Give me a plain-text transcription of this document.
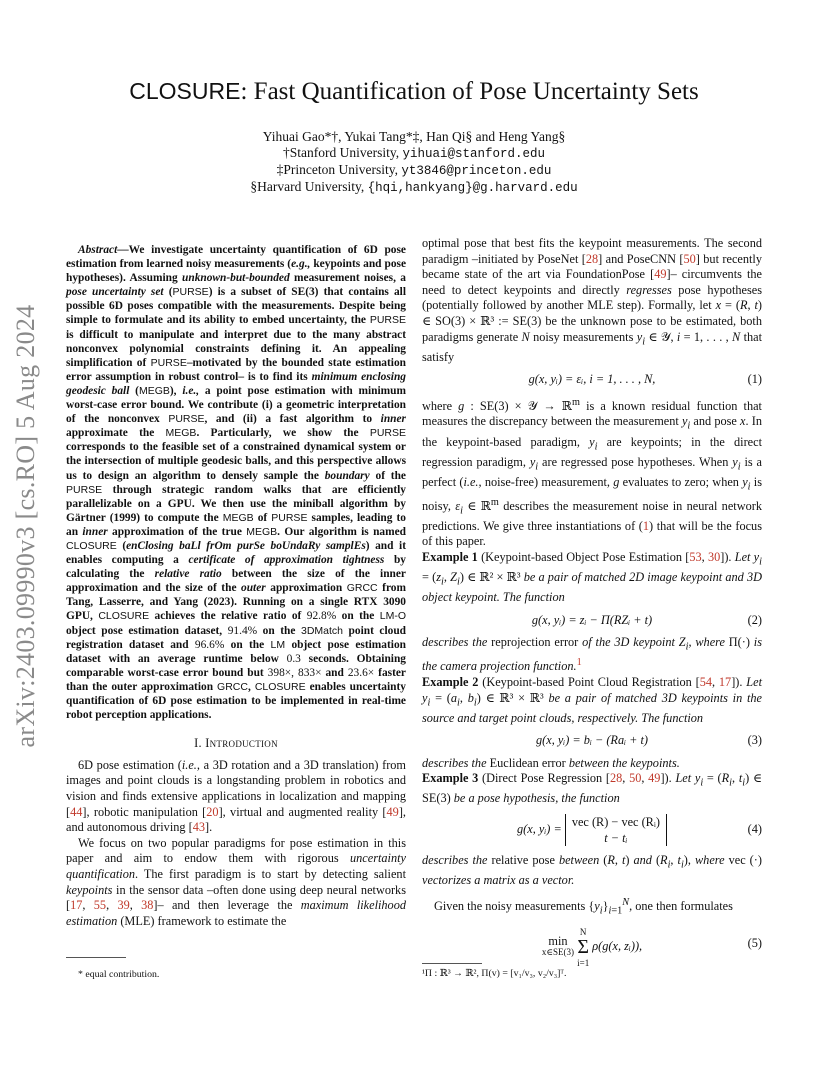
arXiv:2403.09990v3 [cs.RO] 5 Aug 2024
CLOSURE: Fast Quantification of Pose Uncertainty Sets
Yihuai Gao*†, Yukai Tang*‡, Han Qi§ and Heng Yang§
†Stanford University, yihuai@stanford.edu
‡Princeton University, yt3846@princeton.edu
§Harvard University, {hqi,hankyang}@g.harvard.edu

Abstract—We investigate uncertainty quantification of 6D pose estimation from learned noisy measurements (e.g., keypoints and pose hypotheses). Assuming unknown-but-bounded measurement noises, a pose uncertainty set (PURSE) is a subset of SE(3) that contains all possible 6D poses compatible with the measurements. Despite being simple to formulate and its ability to embed uncertainty, the PURSE is difficult to manipulate and interpret due to the many abstract nonconvex polynomial constraints defining it. An appealing simplification of PURSE–motivated by the bounded state estimation error assumption in robust control– is to find its minimum enclosing geodesic ball (MEGB), i.e., a point pose estimation with minimum worst-case error bound. We contribute (i) a geometric interpretation of the nonconvex PURSE, and (ii) a fast algorithm to inner approximate the MEGB. Particularly, we show the PURSE corresponds to the feasible set of a constrained dynamical system or the intersection of multiple geodesic balls, and this perspective allows us to design an algorithm to densely sample the boundary of the PURSE through strategic random walks that are efficiently parallelizable on a GPU. We then use the miniball algorithm by Gärtner (1999) to compute the MEGB of PURSE samples, leading to an inner approximation of the true MEGB. Our algorithm is named CLOSURE (enClosing baLl frOm purSe boUndaRy samplEs) and it enables computing a certificate of approximation tightness by calculating the relative ratio between the size of the inner approximation and the size of the outer approximation GRCC from Tang, Lasserre, and Yang (2023). Running on a single RTX 3090 GPU, CLOSURE achieves the relative ratio of 92.8% on the LM-O object pose estimation dataset, 91.4% on the 3DMatch point cloud registration dataset and 96.6% on the LM object pose estimation dataset with an average runtime below 0.3 seconds. Obtaining comparable worst-case error bound but 398×, 833× and 23.6× faster than the outer approximation GRCC, CLOSURE enables uncertainty quantification of 6D pose estimation to be implemented in real-time robot perception applications.

I. Introduction

6D pose estimation (i.e., a 3D rotation and a 3D translation) from images and point clouds is a longstanding problem in robotics and vision and finds extensive applications in localization and mapping [44], robotic manipulation [20], virtual and augmented reality [49], and autonomous driving [43].

We focus on two popular paradigms for pose estimation in this paper and aim to endow them with rigorous uncertainty quantification. The first paradigm is to start by detecting salient keypoints in the sensor data –often done using deep neural networks [17, 55, 39, 38]– and then leverage the maximum likelihood estimation (MLE) framework to estimate the

* equal contribution.

optimal pose that best fits the keypoint measurements. The second paradigm –initiated by PoseNet [28] and PoseCNN [50] but recently became state of the art via FoundationPose [49]– circumvents the need to detect keypoints and directly regresses pose hypotheses (potentially followed by another MLE step). Formally, let x = (R, t) ∈ SO(3) × ℝ³ := SE(3) be the unknown pose to be estimated, both paradigms generate N noisy measurements $y_i$ ∈ 𝒴, i = 1, . . . , N that satisfy

g(x, yᵢ) = εᵢ, i = 1, . . . , N,	(1)

where g : SE(3) × 𝒴 → ℝ$^m$ is a known residual function that measures the discrepancy between the measurement $y_i$ and pose x. In the keypoint-based paradigm, $y_i$ are keypoints; in the direct regression paradigm, $y_i$ are regressed pose hypotheses. When $y_i$ is a perfect (i.e., noise-free) measurement, g evaluates to zero; when $y_i$ is noisy, $\varepsilon_i$ ∈ ℝ$^m$ describes the measurement noise in neural network predictions. We give three instantiations of (1) that will be the focus of this paper.

Example 1 (Keypoint-based Object Pose Estimation [53, 30]). Let $y_i = (z_i$, $Z_i$) ∈ ℝ² × ℝ³ be a pair of matched 2D image keypoint and 3D object keypoint. The function

g(x, yᵢ) = zᵢ − Π(RZᵢ + t)	(2)

describes the reprojection error of the 3D keypoint $Z_i$, where Π(·) is the camera projection function.$^1$

Example 2 (Keypoint-based Point Cloud Registration [54, 17]). Let $y_i = (a_i$, $b_i$) ∈ ℝ³ × ℝ³ be a pair of matched 3D keypoints in the source and target point clouds, respectively. The function

g(x, yᵢ) = bᵢ − (Raᵢ + t)	(3)

describes the Euclidean error between the keypoints.

Example 3 (Direct Pose Regression [28, 50, 49]). Let $y_i = (R_i$, $t_i$) ∈ SE(3) be a pose hypothesis, the function

g(x, yᵢ) = vec (R) − vec (Rᵢ)
t − tᵢ
(4)

describes the relative pose between (R, t) and ($R_i$, $t_i$), where vec (·) vectorizes a matrix as a vector.

Given the noisy measurements $\{y_i\}_{i=1}^N$, one then formulates

min
x∈SE(3) N
Σ
i=1 ρ(g(x, zᵢ)),	(5)
¹Π : ℝ³ → ℝ², Π(v) = [v₁/v₃, v₂/v₃]ᵀ.
